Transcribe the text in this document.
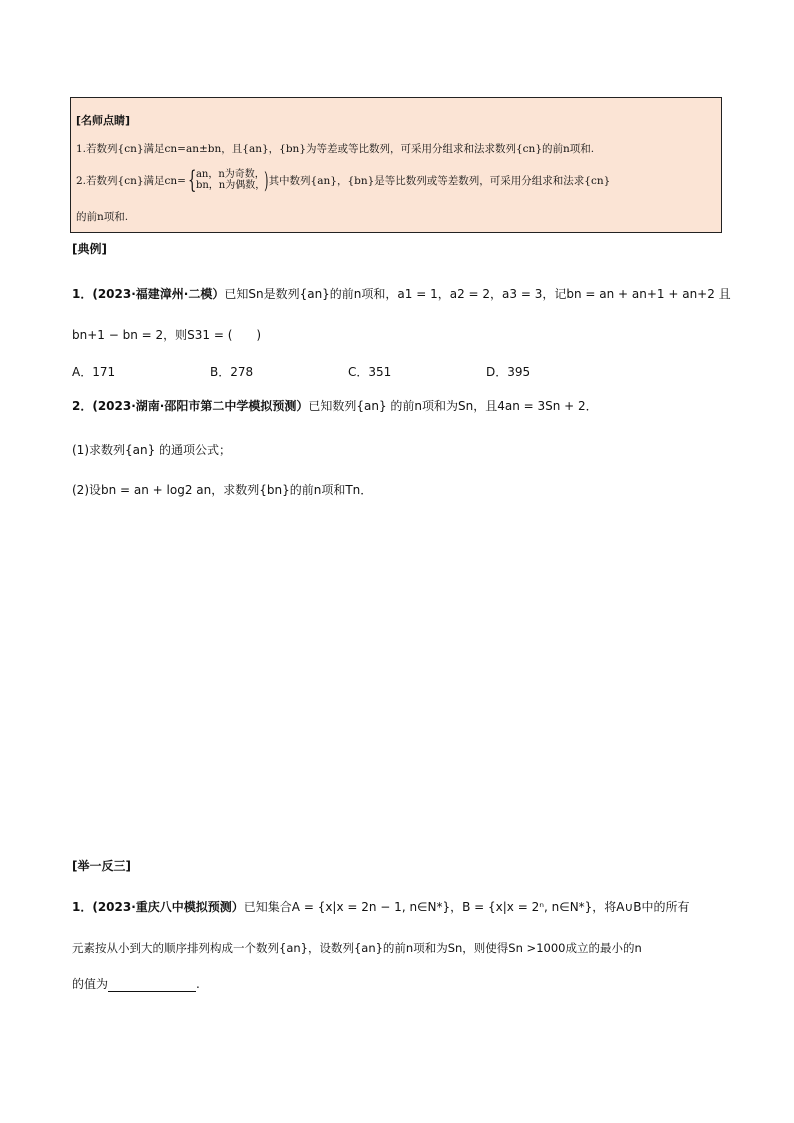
[名师点睛]
1.若数列{cn}满足cn=an±bn，且{an}，{bn}为等差或等比数列，可采用分组求和法求数列{cn}的前n项和.
2.若数列{cn}满足cn= { an，n为奇数，
bn，n为偶数，
)其中数列{an}，{bn}是等比数列或等差数列，可采用分组求和法求{cn}
的前n项和.
[典例]
1．(2023·福建漳州·二模）已知Sn是数列{an}的前n项和，a1 = 1，a2 = 2，a3 = 3，记bn = an + an+1 + an+2 且
bn+1 − bn = 2，则S31 = (　　)
A．171	B．278	C．351	D．395
2．(2023·湖南·邵阳市第二中学模拟预测）已知数列{an} 的前n项和为Sn，且4an = 3Sn + 2．
(1)求数列{an} 的通项公式；
(2)设bn = an + log2 an，求数列{bn}的前n项和Tn．
[举一反三]
1．(2023·重庆八中模拟预测）已知集合A = {x|x = 2n − 1, n∈N*}，B = {x|x = 2ⁿ, n∈N*}，将A∪B中的所有
元素按从小到大的顺序排列构成一个数列{an}，设数列{an}的前n项和为Sn，则使得Sn >1000成立的最小的n
的值为	.
